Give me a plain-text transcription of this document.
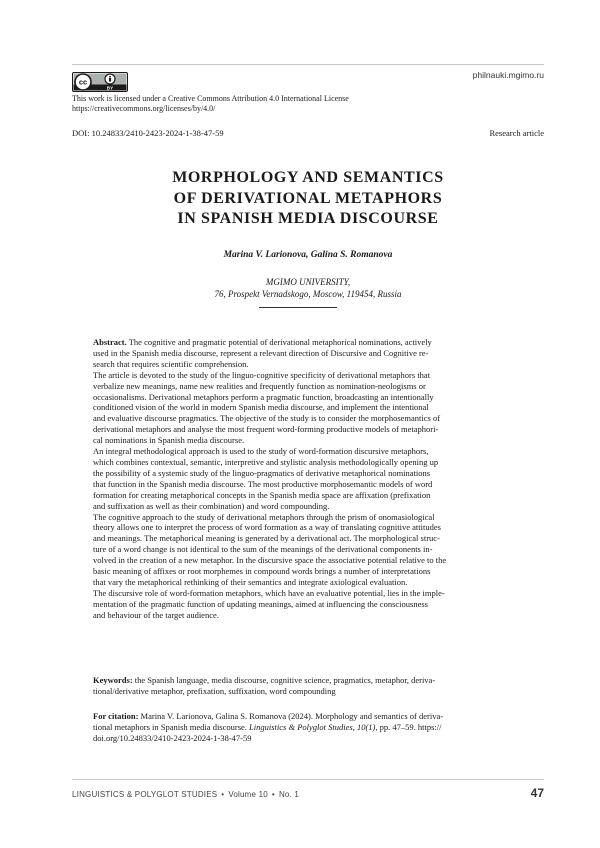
philnauki.mgimo.ru
cc
BY
This work is licensed under a Creative Commons Attribution 4.0 International License
https://creativecommons.org/licenses/by/4.0/
DOI: 10.24833/2410-2423-2024-1-38-47-59	Research article
MORPHOLOGY AND SEMANTICS
OF DERIVATIONAL METAPHORS
IN SPANISH MEDIA DISCOURSE
Marina V. Larionova, Galina S. Romanova
MGIMO UNIVERSITY,
76, Prospekt Vernadskogo, Moscow, 119454, Russia
Abstract. The cognitive and pragmatic potential of derivational metaphorical nominations, actively
used in the Spanish media discourse, represent a relevant direction of Discursive and Cognitive re-
search that requires scientific comprehension.
The article is devoted to the study of the linguo-cognitive specificity of derivational metaphors that
verbalize new meanings, name new realities and frequently function as nomination-neologisms or
occasionalisms. Derivational metaphors perform a pragmatic function, broadcasting an intentionally
conditioned vision of the world in modern Spanish media discourse, and implement the intentional
and evaluative discourse pragmatics. The objective of the study is to consider the morphosemantics of
derivational metaphors and analyse the most frequent word-forming productive models of metaphori-
cal nominations in Spanish media discourse.
An integral methodological approach is used to the study of word-formation discursive metaphors,
which combines contextual, semantic, interpretive and stylistic analysis methodologically opening up
the possibility of a systemic study of the linguo-pragmatics of derivative metaphorical nominations
that function in the Spanish media discourse. The most productive morphosemantic models of word
formation for creating metaphorical concepts in the Spanish media space are affixation (prefixation
and suffixation as well as their combination) and word compounding.
The cognitive approach to the study of derivational metaphors through the prism of onomasiological
theory allows one to interpret the process of word formation as a way of translating cognitive attitudes
and meanings. The metaphorical meaning is generated by a derivational act. The morphological struc-
ture of a word change is not identical to the sum of the meanings of the derivational components in-
volved in the creation of a new metaphor. In the discursive space the associative potential relative to the
basic meaning of affixes or root morphemes in compound words brings a number of interpretations
that vary the metaphorical rethinking of their semantics and integrate axiological evaluation.
The discursive role of word-formation metaphors, which have an evaluative potential, lies in the imple-
mentation of the pragmatic function of updating meanings, aimed at influencing the consciousness
and behaviour of the target audience.
Keywords: the Spanish language, media discourse, cognitive science, pragmatics, metaphor, deriva-
tional/derivative metaphor, prefixation, suffixation, word compounding
For citation: Marina V. Larionova, Galina S. Romanova (2024). Morphology and semantics of deriva-
tional metaphors in Spanish media discourse. Linguistics & Polyglot Studies, 10(1), pp. 47–59. https://
doi.org/10.24833/2410-2423-2024-1-38-47-59
LINGUISTICS & POLYGLOT STUDIES • Volume 10 • No. 1	47
